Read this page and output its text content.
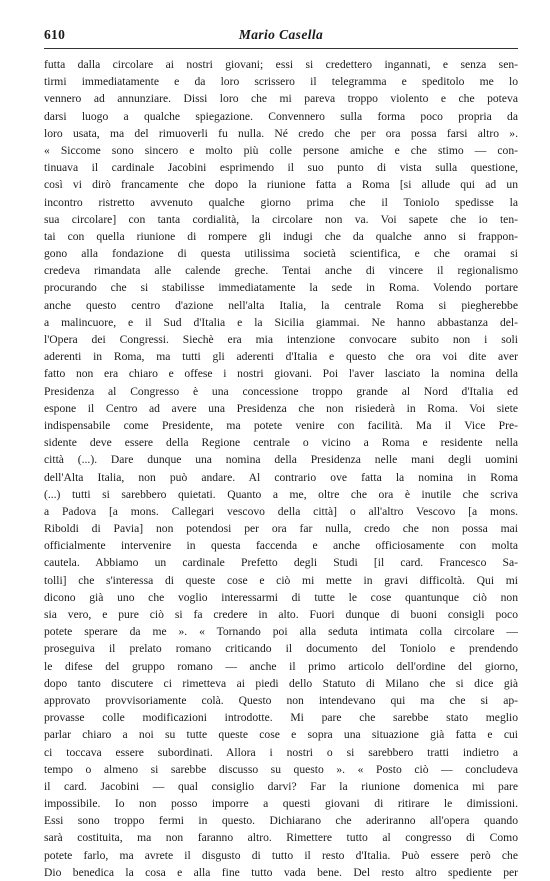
610	Mario Casella
futta dalla circolare ai nostri giovani; essi si credettero ingannati, e senza sen-
tirmi immediatamente e da loro scrissero il telegramma e speditolo me lo
vennero ad annunziare. Dissi loro che mi pareva troppo violento e che poteva
darsi luogo a qualche spiegazione. Convennero sulla forma poco propria da
loro usata, ma del rimuoverli fu nulla. Né credo che per ora possa farsi altro ».
« Siccome sono sincero e molto più colle persone amiche e che stimo — con-
tinuava il cardinale Jacobini esprimendo il suo punto di vista sulla questione,
così vi dirò francamente che dopo la riunione fatta a Roma [si allude qui ad un
incontro ristretto avvenuto qualche giorno prima che il Toniolo spedisse la
sua circolare] con tanta cordialità, la circolare non va. Voi sapete che io ten-
tai con quella riunione di rompere gli indugi che da qualche anno si frappon-
gono alla fondazione di questa utilissima società scientifica, e che oramai si
credeva rimandata alle calende greche. Tentai anche di vincere il regionalismo
procurando che si stabilisse immediatamente la sede in Roma. Volendo portare
anche questo centro d'azione nell'alta Italia, la centrale Roma si piegherebbe
a malincuore, e il Sud d'Italia e la Sicilia giammai. Ne hanno abbastanza del-
l'Opera dei Congressi. Siechè era mia intenzione convocare subito non i soli
aderenti in Roma, ma tutti gli aderenti d'Italia e questo che ora voi dite aver
fatto non era chiaro e offese i nostri giovani. Poi l'aver lasciato la nomina della
Presidenza al Congresso è una concessione troppo grande al Nord d'Italia ed
espone il Centro ad avere una Presidenza che non risiederà in Roma. Voi siete
indispensabile come Presidente, ma potete venire con facilità. Ma il Vice Pre-
sidente deve essere della Regione centrale o vicino a Roma e residente nella
città (...). Dare dunque una nomina della Presidenza nelle mani degli uomini
dell'Alta Italia, non può andare. Al contrario ove fatta la nomina in Roma
(...) tutti si sarebbero quietati. Quanto a me, oltre che ora è inutile che scriva
a Padova [a mons. Callegari vescovo della città] o all'altro Vescovo [a mons.
Riboldi di Pavia] non potendosi per ora far nulla, credo che non possa mai
officialmente intervenire in questa faccenda e anche officiosamente con molta
cautela. Abbiamo un cardinale Prefetto degli Studi [il card. Francesco Sa-
tolli] che s'interessa di queste cose e ciò mi mette in gravi difficoltà. Qui mi
dicono già uno che voglio interessarmi di tutte le cose quantunque ciò non
sia vero, e pure ciò si fa credere in alto. Fuori dunque di buoni consigli poco
potete sperare da me ». « Tornando poi alla seduta intimata colla circolare —
proseguiva il prelato romano criticando il documento del Toniolo e prendendo
le difese del gruppo romano — anche il primo articolo dell'ordine del giorno,
dopo tanto discutere ci rimetteva ai piedi dello Statuto di Milano che si dice già
approvato provvisoriamente colà. Questo non intendevano qui ma che si ap-
provasse colle modificazioni introdotte. Mi pare che sarebbe stato meglio
parlar chiaro a noi su tutte queste cose e sopra una situazione già fatta e cui
ci toccava essere subordinati. Allora i nostri o si sarebbero tratti indietro a
tempo o almeno si sarebbe discusso su questo ». « Posto ciò — concludeva
il card. Jacobini — qual consiglio darvi? Far la riunione domenica mi pare
impossibile. Io non posso imporre a questi giovani di ritirare le dimissioni.
Essi sono troppo fermi in questo. Dichiarano che aderiranno all'opera quando
sarà costituita, ma non faranno altro. Rimettere tutto al congresso di Como
potete farlo, ma avrete il disgusto di tutto il resto d'Italia. Può essere però che
Dio benedica la cosa e alla fine tutto vada bene. Del resto altro spediente per
